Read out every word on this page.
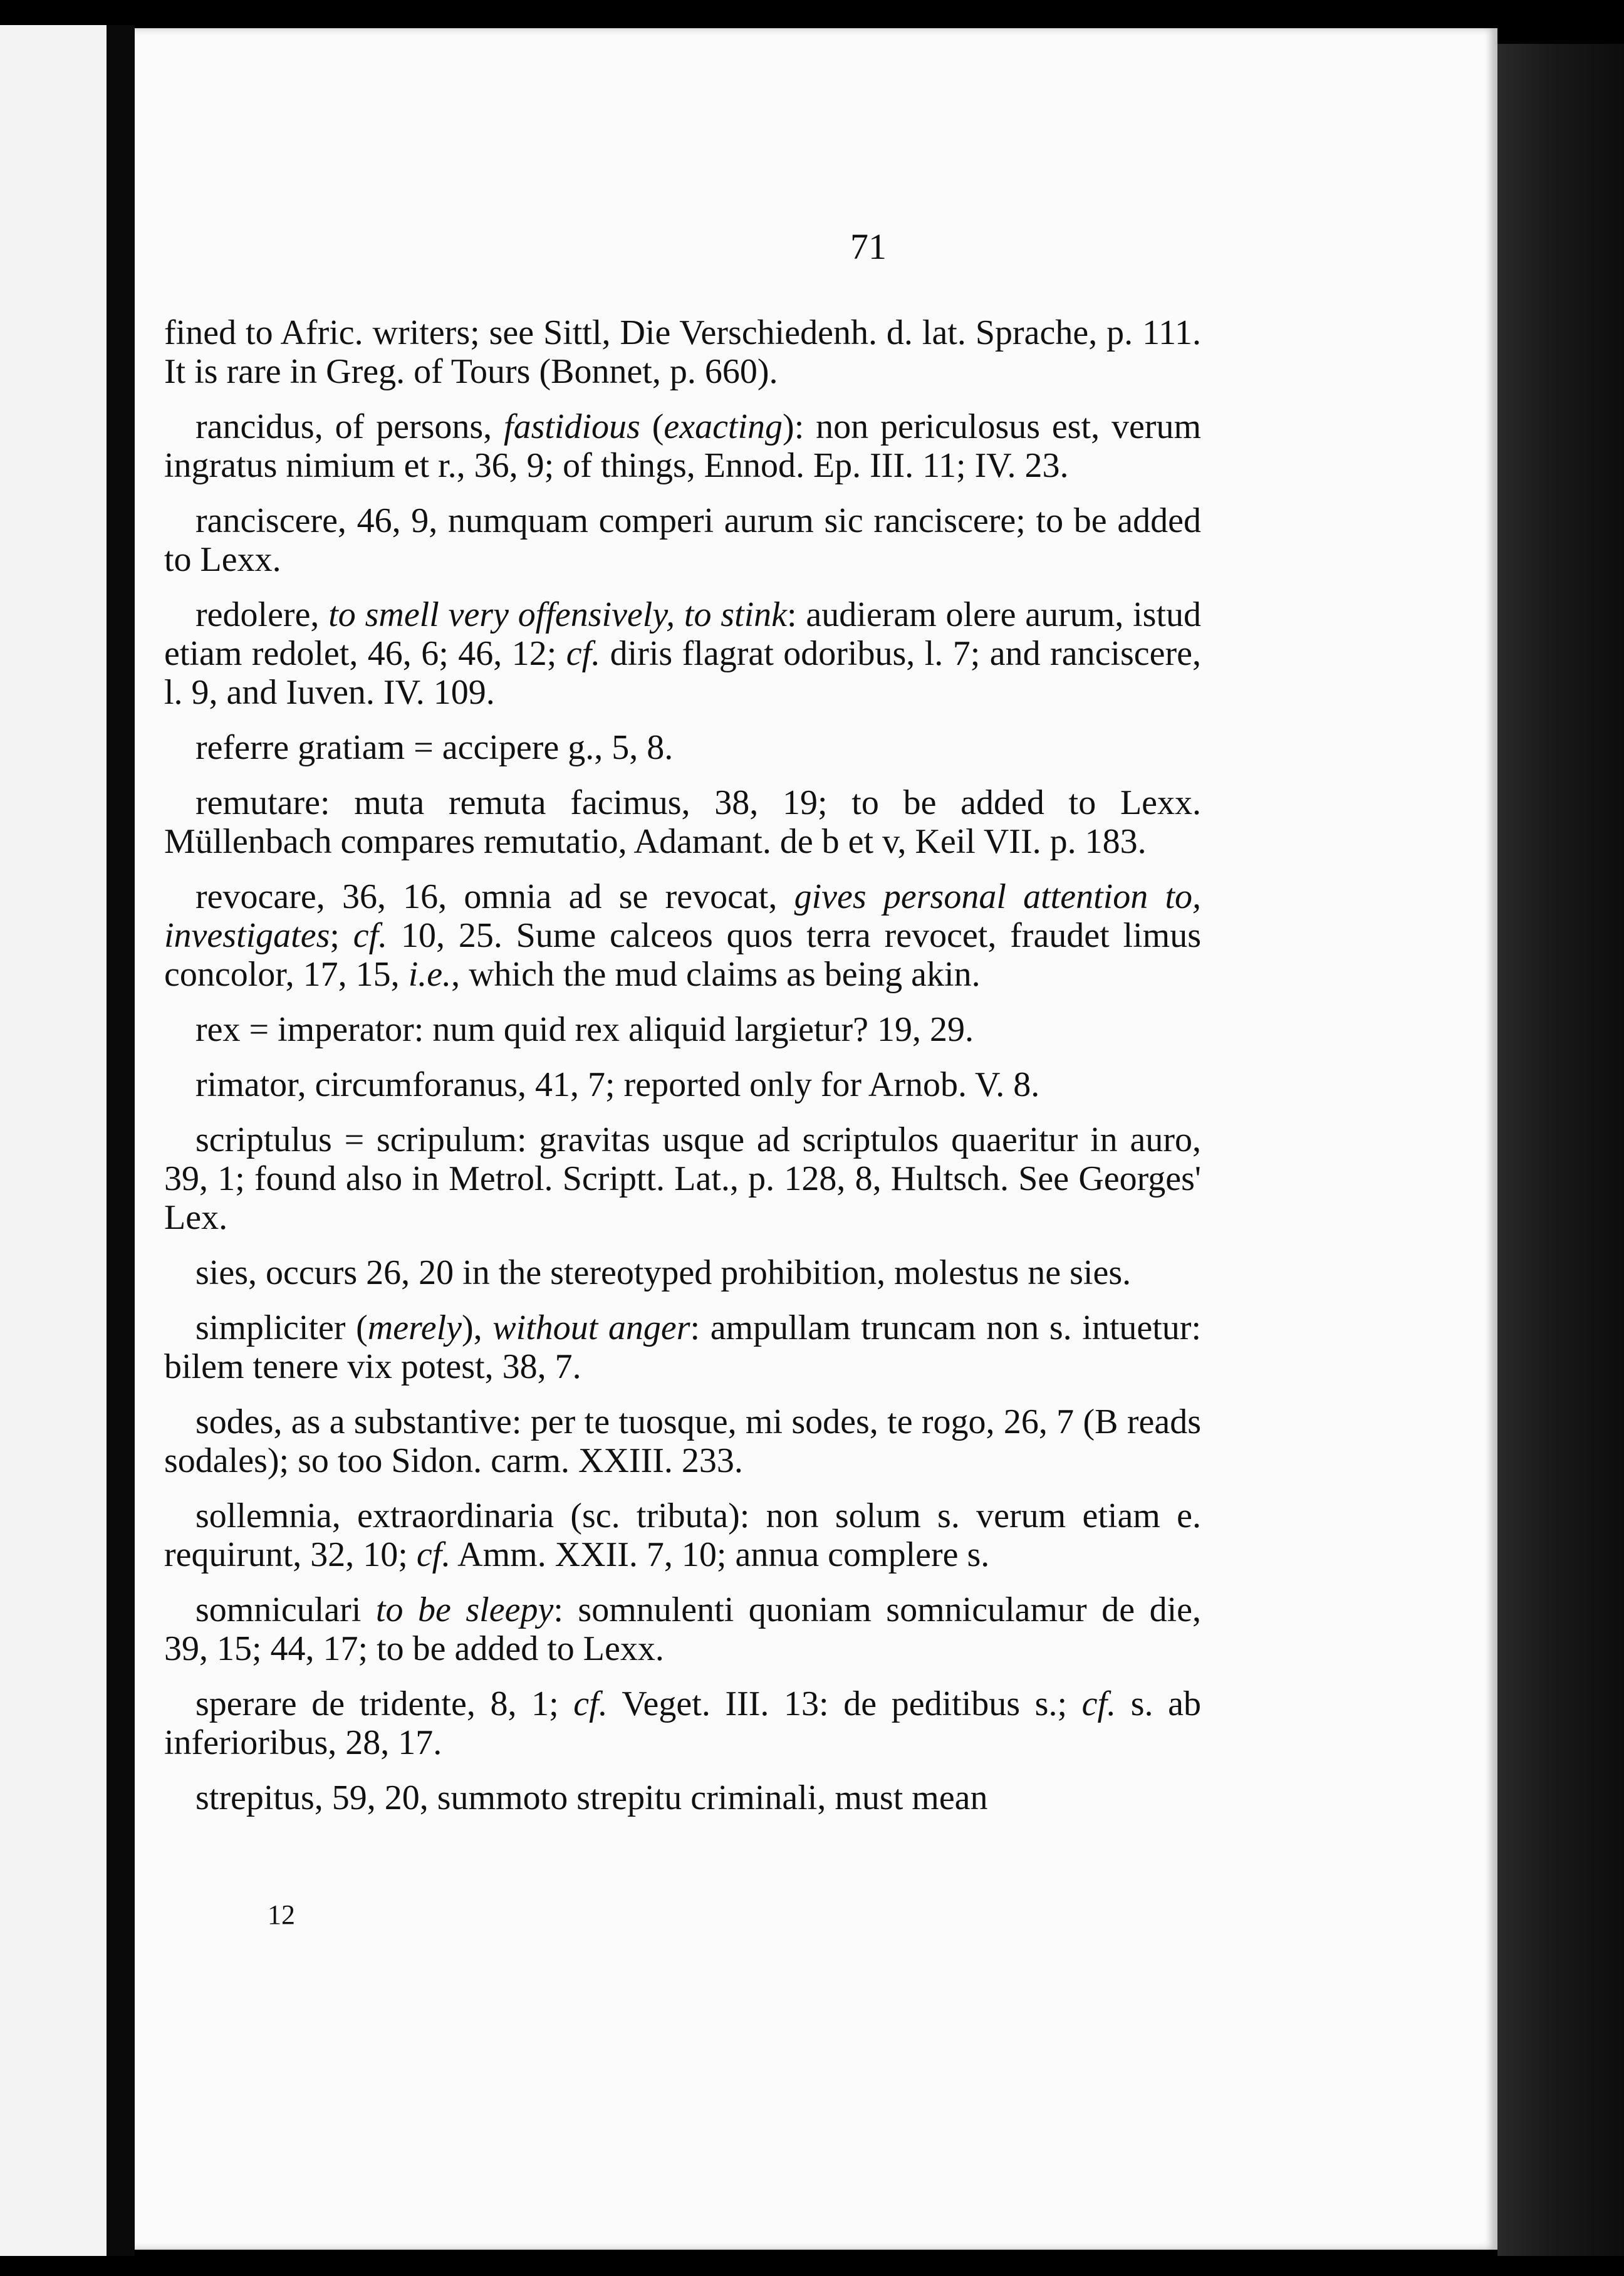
71

fined to Afric. writers; see Sittl, Die Verschiedenh. d. lat. Sprache, p. 111. It is rare in Greg. of Tours (Bonnet, p. 660).

rancidus, of persons, fastidious (exacting): non periculosus est, verum ingratus nimium et r., 36, 9; of things, Ennod. Ep. III. 11; IV. 23.

ranciscere, 46, 9, numquam comperi aurum sic ranciscere; to be added to Lexx.

redolere, to smell very offensively, to stink: audieram olere aurum, istud etiam redolet, 46, 6; 46, 12; cf. diris flagrat odoribus, l. 7; and ranciscere, l. 9, and Iuven. IV. 109.

referre gratiam = accipere g., 5, 8.

remutare: muta remuta facimus, 38, 19; to be added to Lexx. Müllenbach compares remutatio, Adamant. de b et v, Keil VII. p. 183.

revocare, 36, 16, omnia ad se revocat, gives personal attention to, investigates; cf. 10, 25. Sume calceos quos terra revocet, fraudet limus concolor, 17, 15, i.e., which the mud claims as being akin.

rex = imperator: num quid rex aliquid largietur? 19, 29.

rimator, circumforanus, 41, 7; reported only for Arnob. V. 8.

scriptulus = scripulum: gravitas usque ad scriptulos quaeritur in auro, 39, 1; found also in Metrol. Scriptt. Lat., p. 128, 8, Hultsch. See Georges' Lex.

sies, occurs 26, 20 in the stereotyped prohibition, molestus ne sies.

simpliciter (merely), without anger: ampullam truncam non s. intuetur: bilem tenere vix potest, 38, 7.

sodes, as a substantive: per te tuosque, mi sodes, te rogo, 26, 7 (B reads sodales); so too Sidon. carm. XXIII. 233.

sollemnia, extraordinaria (sc. tributa): non solum s. verum etiam e. requirunt, 32, 10; cf. Amm. XXII. 7, 10; annua complere s.

somniculari to be sleepy: somnulenti quoniam somniculamur de die, 39, 15; 44, 17; to be added to Lexx.

sperare de tridente, 8, 1; cf. Veget. III. 13: de peditibus s.; cf. s. ab inferioribus, 28, 17.

strepitus, 59, 20, summoto strepitu criminali, must mean

12
